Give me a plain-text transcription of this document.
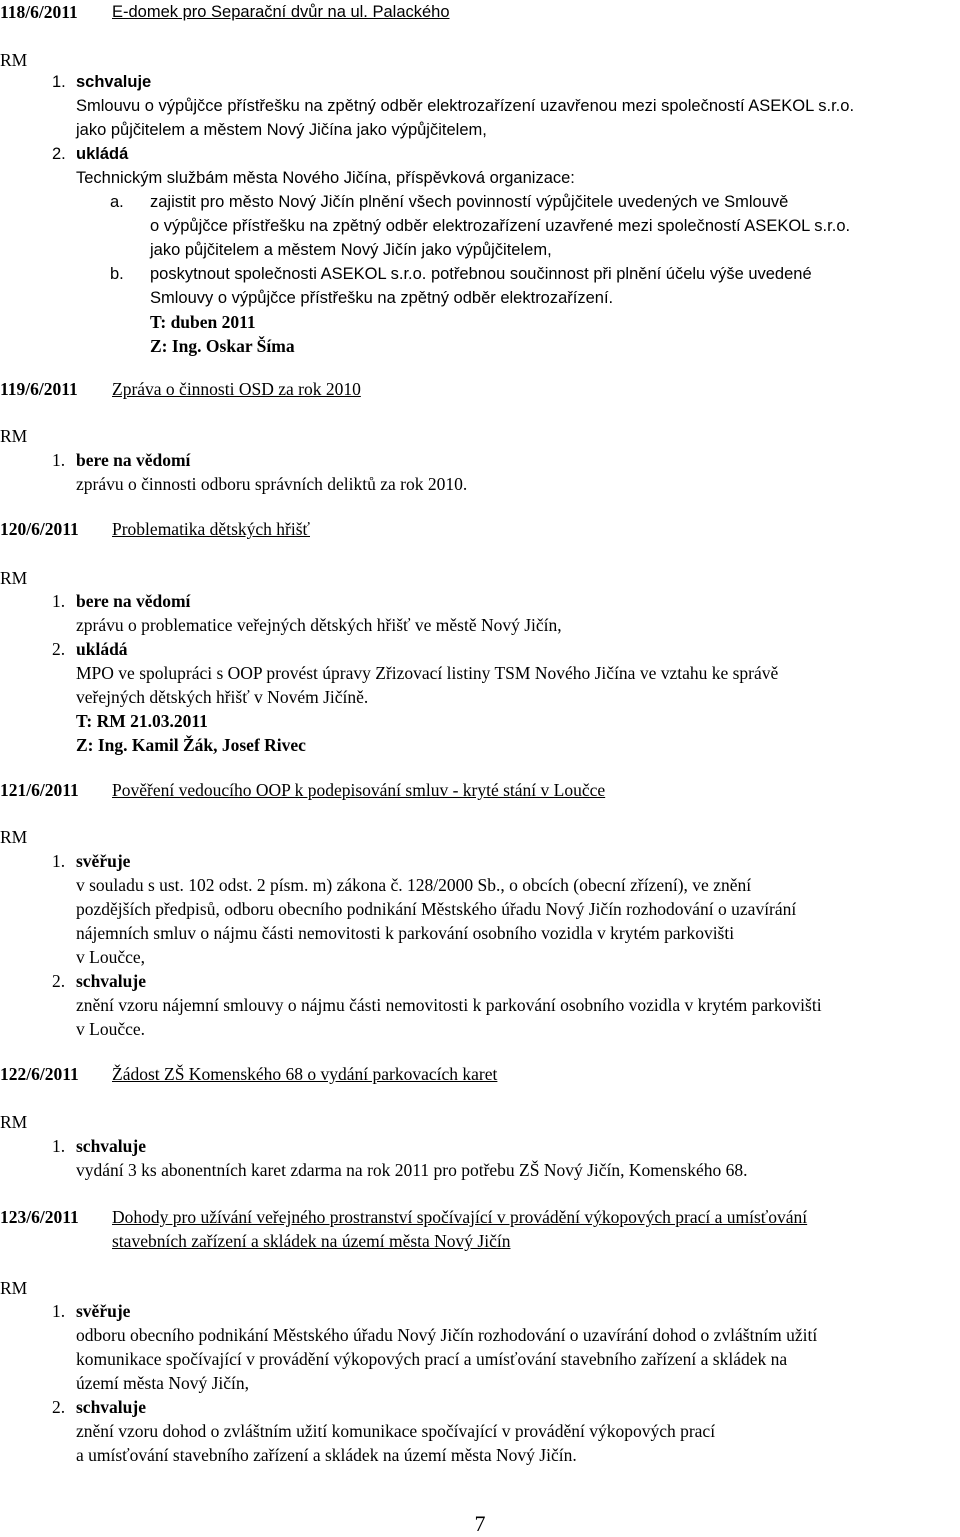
118/6/2011 E-domek pro Separační dvůr na ul. Palackého
RM
1. schvaluje
Smlouvu o výpůjčce přístřešku na zpětný odběr elektrozařízení uzavřenou mezi společností ASEKOL s.r.o.
jako půjčitelem a městem Nový Jičína jako výpůjčitelem,
2. ukládá
Technickým službám města Nového Jičína, příspěvková organizace:
a. zajistit pro město Nový Jičín plnění všech povinností výpůjčitele uvedených ve Smlouvě
o výpůjčce přístřešku na zpětný odběr elektrozařízení uzavřené mezi společností ASEKOL s.r.o.
jako půjčitelem a městem Nový Jičín jako výpůjčitelem,
b. poskytnout společnosti ASEKOL s.r.o. potřebnou součinnost při plnění účelu výše uvedené
Smlouvy o výpůjčce přístřešku na zpětný odběr elektrozařízení.
T: duben 2011
Z: Ing. Oskar Šíma
119/6/2011 Zpráva o činnosti OSD za rok 2010
RM
1. bere na vědomí
zprávu o činnosti odboru správních deliktů za rok 2010.
120/6/2011 Problematika dětských hřišť
RM
1. bere na vědomí
zprávu o problematice veřejných dětských hřišť ve městě Nový Jičín,
2. ukládá
MPO ve spolupráci s OOP provést úpravy Zřizovací listiny TSM Nového Jičína ve vztahu ke správě
veřejných dětských hřišť v Novém Jičíně.
T: RM 21.03.2011
Z: Ing. Kamil Žák, Josef Rivec
121/6/2011 Pověření vedoucího OOP k podepisování smluv - kryté stání v Loučce
RM
1. svěřuje
v souladu s ust. 102 odst. 2 písm. m) zákona č. 128/2000 Sb., o obcích (obecní zřízení), ve znění
pozdějších předpisů, odboru obecního podnikání Městského úřadu Nový Jičín rozhodování o uzavírání
nájemních smluv o nájmu části nemovitosti k parkování osobního vozidla v krytém parkovišti
v Loučce,
2. schvaluje
znění vzoru nájemní smlouvy o nájmu části nemovitosti k parkování osobního vozidla v krytém parkovišti
v Loučce.
122/6/2011 Žádost ZŠ Komenského 68 o vydání parkovacích karet
RM
1. schvaluje
vydání 3 ks abonentních karet zdarma na rok 2011 pro potřebu ZŠ Nový Jičín, Komenského 68.
123/6/2011 Dohody pro užívání veřejného prostranství spočívající v provádění výkopových prací a umísťování
stavebních zařízení a skládek na území města Nový Jičín
RM
1. svěřuje
odboru obecního podnikání Městského úřadu Nový Jičín rozhodování o uzavírání dohod o zvláštním užití
komunikace spočívající v provádění výkopových prací a umísťování stavebního zařízení a skládek na
území města Nový Jičín,
2. schvaluje
znění vzoru dohod o zvláštním užití komunikace spočívající v provádění výkopových prací
a umísťování stavebního zařízení a skládek na území města Nový Jičín.
7
